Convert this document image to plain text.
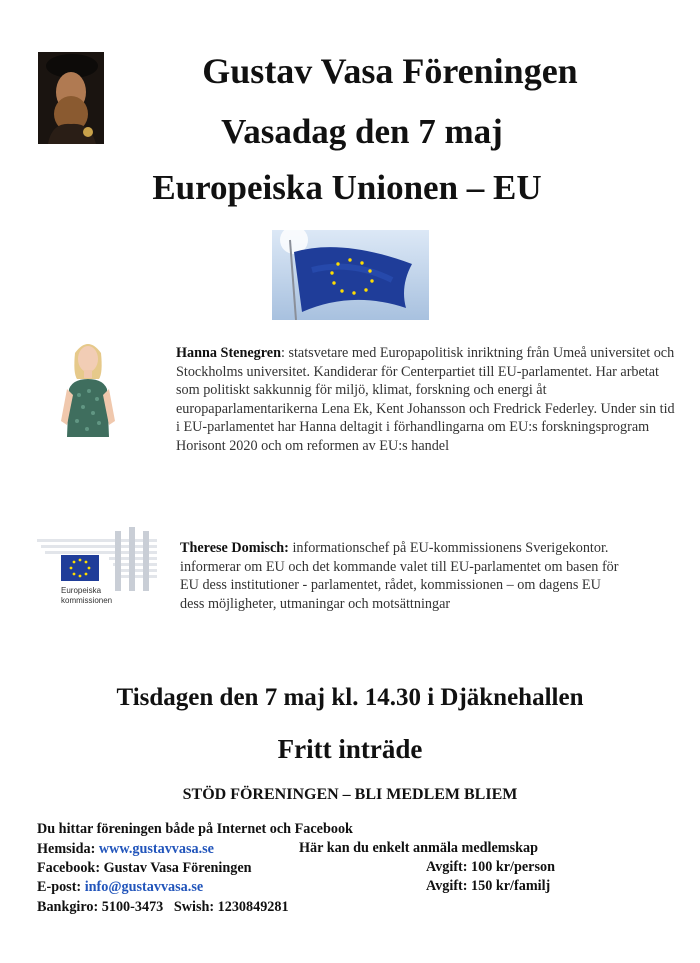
Gustav Vasa Föreningen
Vasadag den 7 maj
Europeiska Unionen – EU

Hanna Stenegren: statsvetare med Europapolitisk inriktning från Umeå universitet och Stockholms universitet. Kandiderar för Centerpartiet till EU-parlamentet. Har arbetat som politiskt sakkunnig för miljö, klimat, forskning och energi åt europaparlamentarikerna Lena Ek, Kent Johansson och Fredrick Federley. Under sin tid i EU-parlamentet har Hanna deltagit i förhandlingarna om EU:s forskningsprogram Horisont 2020 och om reformen av EU:s handel

Europeiska
kommissionen

Therese Domisch: informationschef på EU-kommissionens Sverigekontor. informerar om EU och det kommande valet till EU-parlamentet om basen för EU dess institutioner - parlamentet, rådet, kommissionen – om dagens EU dess möjligheter, utmaningar och motsättningar

Tisdagen den 7 maj kl. 14.30 i Djäknehallen
Fritt inträde
STÖD FÖRENINGEN – BLI MEDLEM BLIEM

Du hittar föreningen både på Internet och Facebook

Hemsida: www.gustavvasa.se	Här kan du enkelt anmäla medlemskap

Facebook: Gustav Vasa Föreningen	Avgift: 100 kr/person

E-post: info@gustavvasa.se	Avgift: 150 kr/familj

Bankgiro: 5100-3473   Swish: 1230849281
